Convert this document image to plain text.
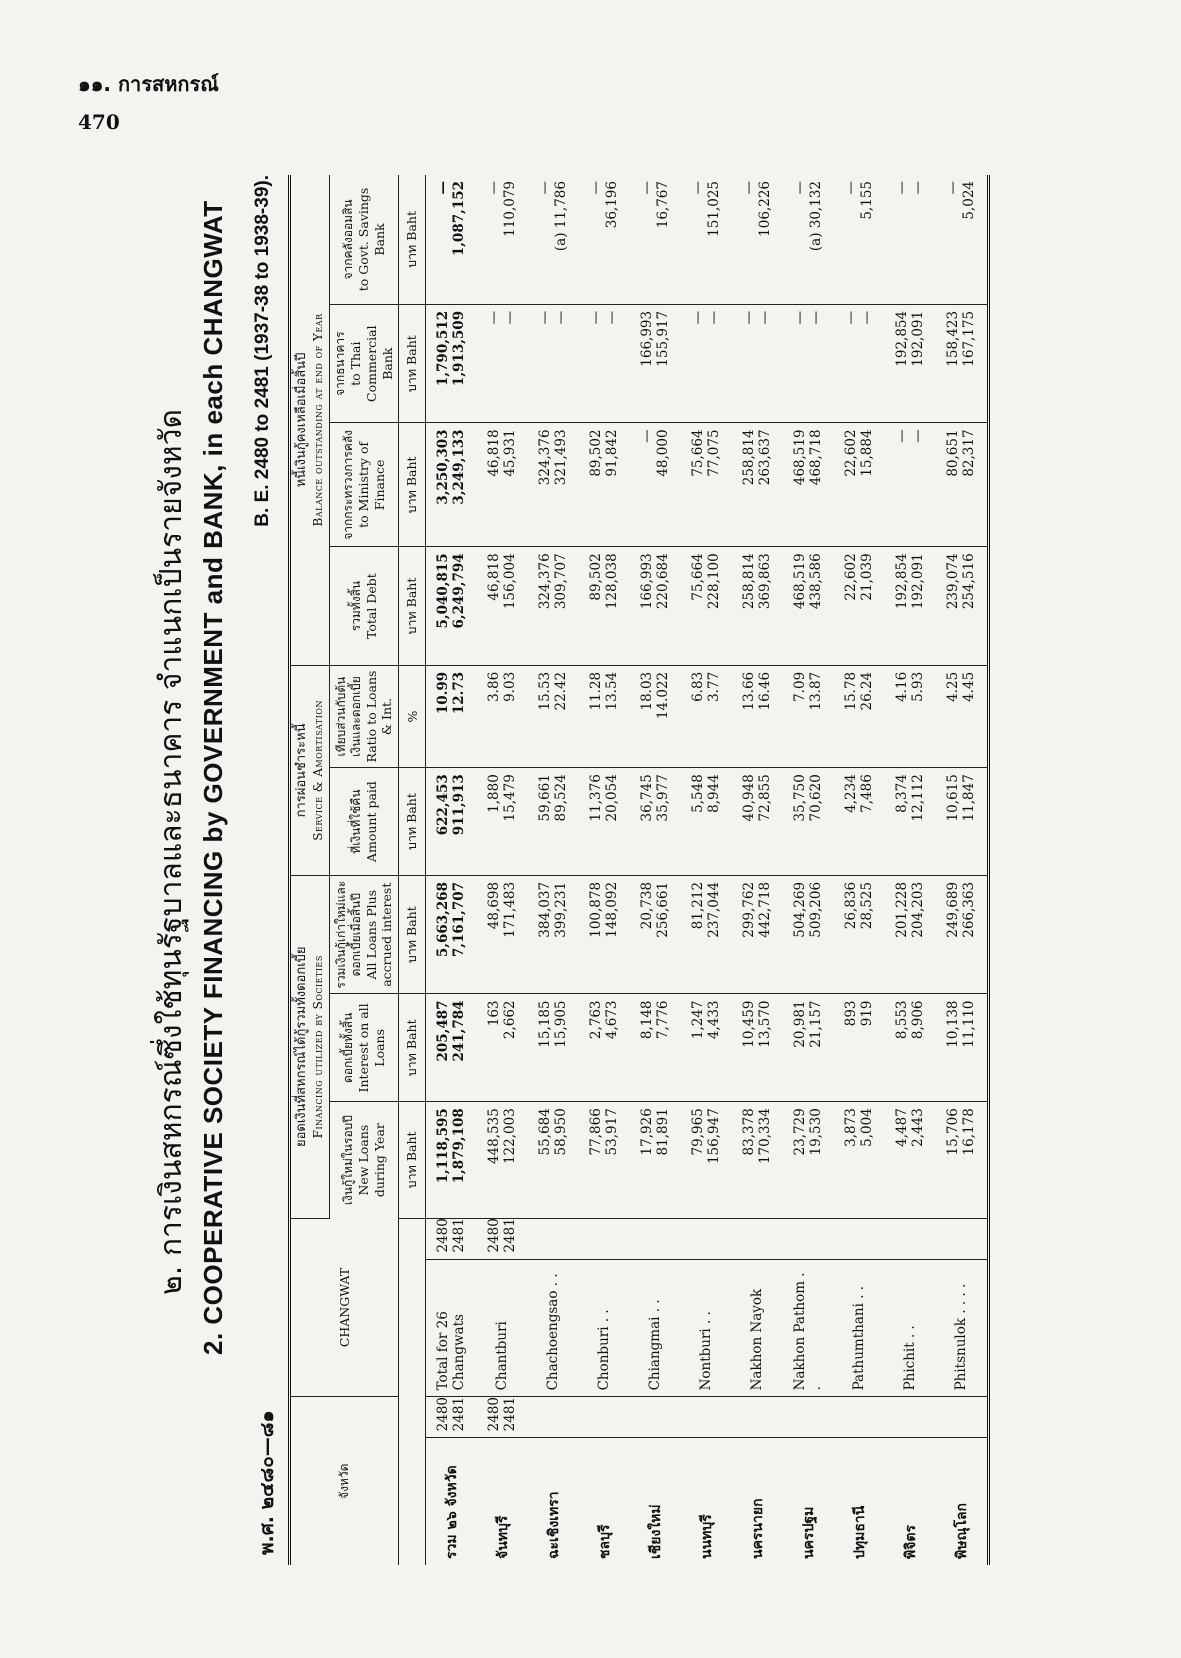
๑๑. การสหกรณ์
470
๒. การเงินสหกรณ์ซึ่งใช้ทุนรัฐบาลและธนาคาร จำแนกเป็นรายจังหวัด 2. COOPERATIVE SOCIETY FINANCING by GOVERNMENT and BANK, in each CHANGWAT
พ.ศ. ๒๔๘๐—๘๑
B. E. 2480 to 2481 (1937-38 to 1938-39).
จังหวัด		CHANGWAT		ยอดเงินที่สหกรณ์ได้กู้รวมทั้งดอกเบี้ย Financing utilized by Societies			การผ่อนชำระหนี้ Service & Amortisation		หนี้เงินกู้คงเหลือเมื่อสิ้นปี Balance outstanding at end of Year			

				เงินกู้ใหม่ในรอบปี New Loans during Year	ดอกเบี้ยทั้งสิ้น Interest on all Loans	รวมเงินกู้เก่าใหม่และดอกเบี้ยเมื่อสิ้นปี All Loans Plus accrued interest	ที่เงินที่ใช้คืน Amount paid	เทียบส่วนกับต้นเงินและดอกเบี้ย Ratio to Loans & Int.	รวมทั้งสิ้น Total Debt	จากกระทรวงการคลัง to Ministry of Finance	จากธนาคาร to Thai Commercial Bank	จากคลังออมสิน to Govt. Savings Bank
				บาท Baht	บาท Baht	บาท Baht	บาท Baht	%	บาท Baht	บาท Baht	บาท Baht	บาท Baht
รวม ๒๖ จังหวัด	2480 2481	Total for 26 Changwats	2480 2481	1,118,595 1,879,108	205,487 241,784	5,663,268 7,161,707	622,453 911,913	10.99 12.73	5,040,815 6,249,794	3,250,303 3,249,133	1,790,512 1,913,509	— 1,087,152

จันทบุรี	2480 2481	Chantburi	2480 2481	448,535 122,003	163 2,662	48,698 171,483	1,880 15,479	3.86 9.03	46,818 156,004	46,818 45,931	— —	— 110,079

ฉะเชิงเทรา		Chachoengsao . .		55,684 58,950	15,185 15,905	384,037 399,231	59,661 89,524	15.53 22.42	324,376 309,707	324,376 321,493	— —	— (a) 11,786

ชลบุรี		Chonburi . .		77,866 53,917	2,763 4,673	100,878 148,092	11,376 20,054	11.28 13.54	89,502 128,038	89,502 91,842	— —	— 36,196

เชียงใหม่		Chiangmai . .		17,926 81,891	8,148 7,776	20,738 256,661	36,745 35,977	18.03 14.022	166,993 220,684	— 48,000	166,993 155,917	— 16,767

นนทบุรี		Nontburi . .		79,965 156,947	1,247 4,433	81,212 237,044	5,548 8,944	6.83 3.77	75,664 228,100	75,664 77,075	— —	— 151,025

นครนายก		Nakhon Nayok		83,378 170,334	10,459 13,570	299,762 442,718	40,948 72,855	13.66 16.46	258,814 369,863	258,814 263,637	— —	— 106,226

นครปฐม		Nakhon Pathom . .		23,729 19,530	20,981 21,157	504,269 509,206	35,750 70,620	7.09 13.87	468,519 438,586	468,519 468,718	— —	— (a) 30,132

ปทุมธานี		Pathumthani . .		3,873 5,004	893 919	26,836 28,525	4,234 7,486	15.78 26.24	22,602 21,039	22,602 15,884	— —	— 5,155

พิจิตร		Phichit . .		4,487 2,443	8,553 8,906	201,228 204,203	8,374 12,112	4.16 5.93	192,854 192,091	— —	192,854 192,091	— —

พิษณุโลก		Phitsnulok . . . .		15,706 16,178	10,138 11,110	249,689 266,363	10,615 11,847	4.25 4.45	239,074 254,516	80,651 82,317	158,423 167,175	— 5,024
